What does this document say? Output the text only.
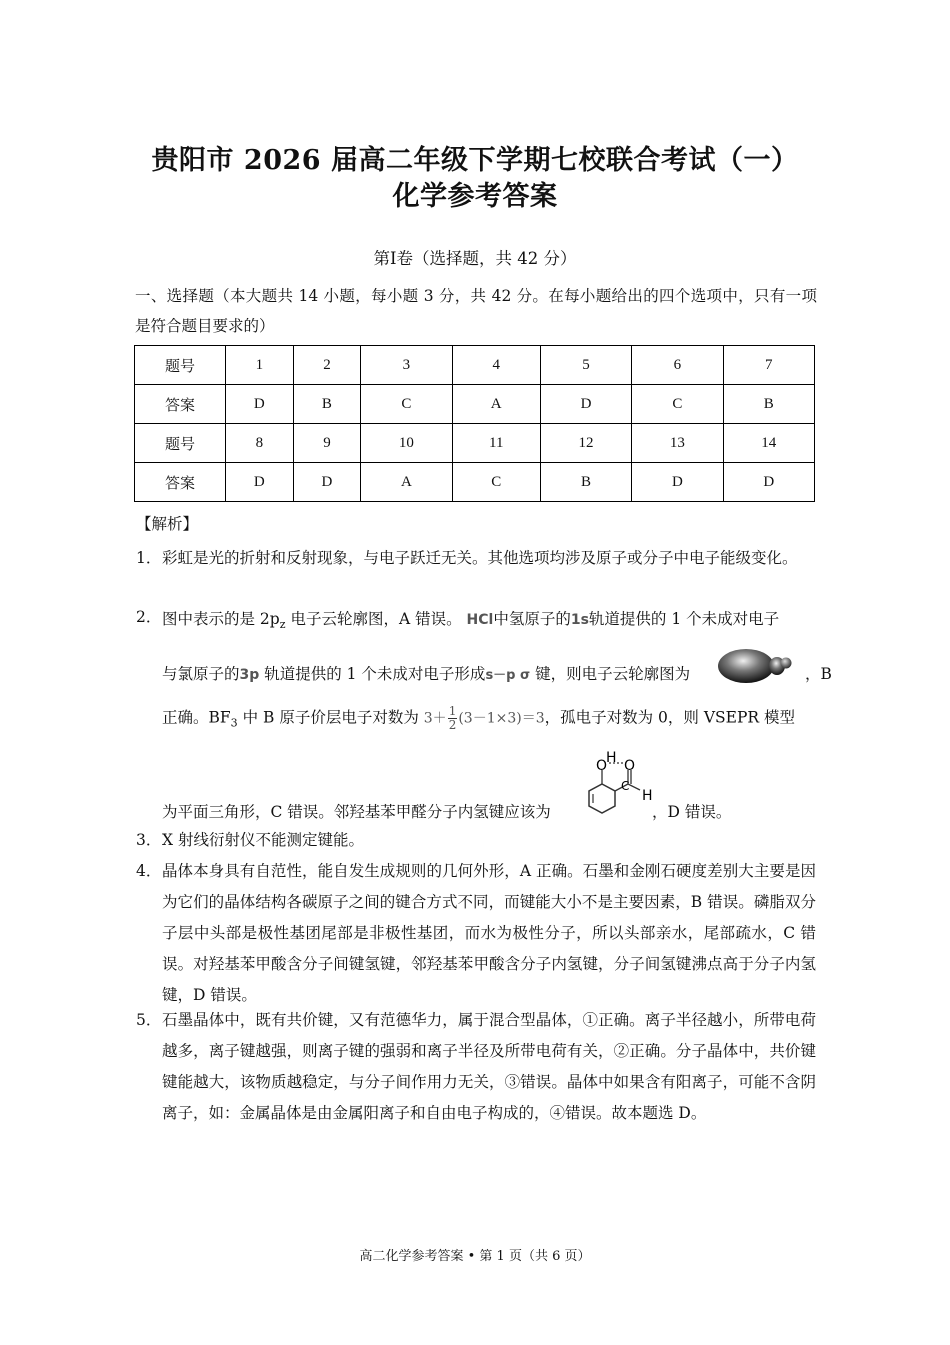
贵阳市 2026 届高二年级下学期七校联合考试（一）
化学参考答案
第Ⅰ卷（选择题，共 42 分）
一、选择题（本大题共 14 小题，每小题 3 分，共 42 分。在每小题给出的四个选项中，只有一项是符合题目要求的）
题号	1	2	3	4	5	6	7
答案	D	B	C	A	D	C	B
题号	8	9	10	11	12	13	14
答案	D	D	A	C	B	D	D
【解析】
1． 彩虹是光的折射和反射现象，与电子跃迁无关。其他选项均涉及原子或分子中电子能级变化。
2． 图中表示的是 $2p_z$ 电子云轮廓图，A 错误。 HCl中氢原子的1s轨道提供的 1 个未成对电子
与氯原子的3p 轨道提供的 1 个未成对电子形成s－p σ 键，则电子云轮廓图为	，B
正确。$BF_3$ 中 B 原子价层电子对数为 $3+ \frac{1}{2} (3-1\times 3)=3$，孤电子对数为 0，则 VSEPR 模型
O
H O
C
H
为平面三角形，C 错误。邻羟基苯甲醛分子内氢键应该为	，D 错误。
3． X 射线衍射仪不能测定键能。
4． 晶体本身具有自范性，能自发生成规则的几何外形，A 正确。石墨和金刚石硬度差别大主要是因为它们的晶体结构各碳原子之间的键合方式不同，而键能大小不是主要因素，B 错误。磷脂双分子层中头部是极性基团尾部是非极性基团，而水为极性分子，所以头部亲水，尾部疏水，C 错误。对羟基苯甲酸含分子间键氢键，邻羟基苯甲酸含分子内氢键，分子间氢键沸点高于分子内氢键，D 错误。
5． 石墨晶体中，既有共价键，又有范德华力，属于混合型晶体，①正确。离子半径越小，所带电荷越多，离子键越强，则离子键的强弱和离子半径及所带电荷有关，②正确。分子晶体中，共价键键能越大，该物质越稳定，与分子间作用力无关，③错误。晶体中如果含有阳离子，可能不含阴离子，如：金属晶体是由金属阳离子和自由电子构成的，④错误。故本题选 D。
高二化学参考答案 • 第 1 页（共 6 页）
